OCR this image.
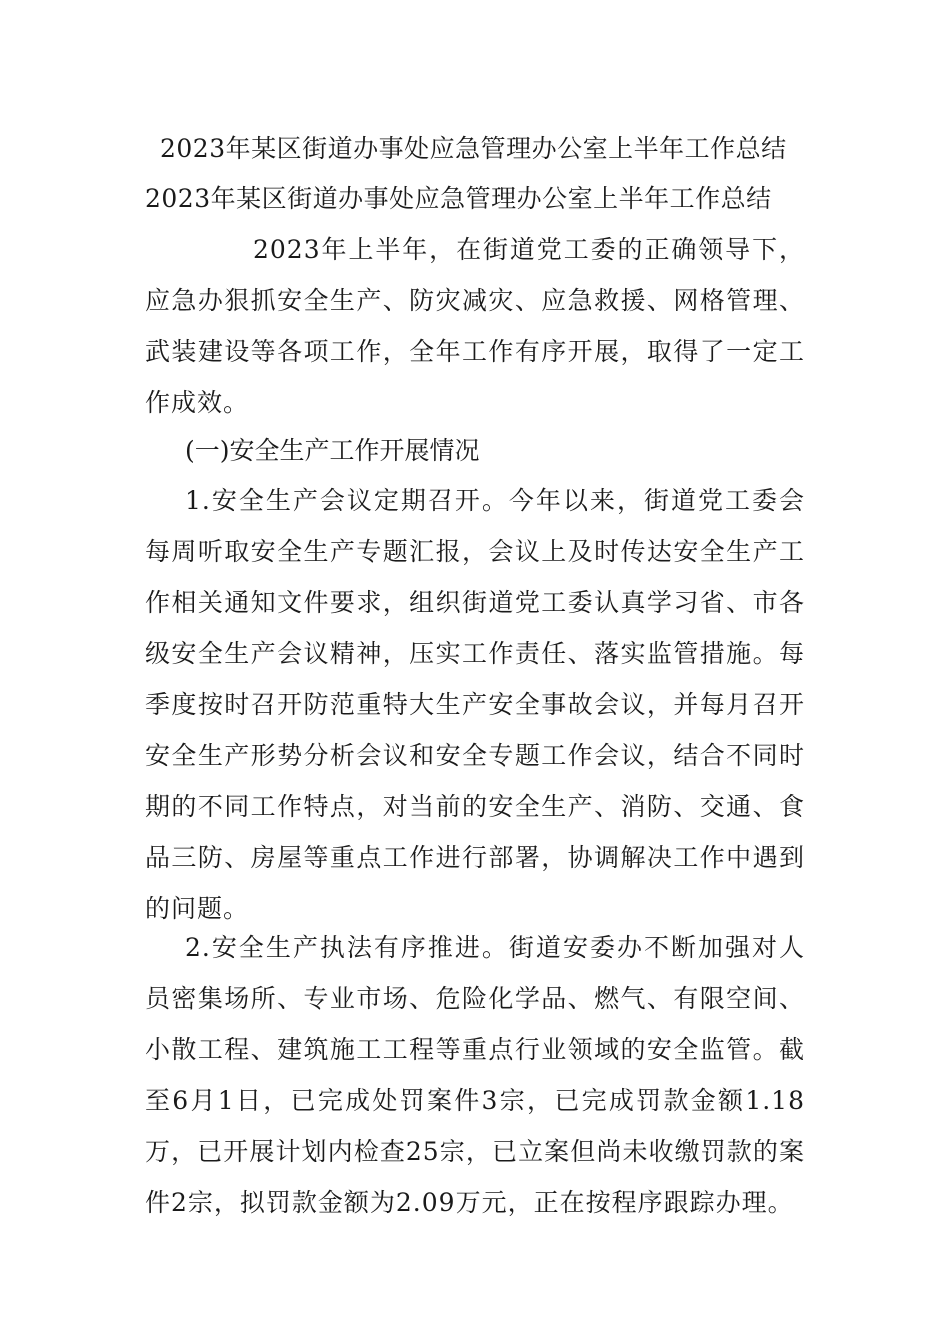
2023年某区街道办事处应急管理办公室上半年工作总结
2023年某区街道办事处应急管理办公室上半年工作总结
2023年上半年，在街道党工委的正确领导下，应急办狠抓安全生产、防灾减灾、应急救援、网格管理、武装建设等各项工作，全年工作有序开展，取得了一定工作成效。
(一)安全生产工作开展情况
1.安全生产会议定期召开。今年以来，街道党工委会每周听取安全生产专题汇报，会议上及时传达安全生产工作相关通知文件要求，组织街道党工委认真学习省、市各级安全生产会议精神，压实工作责任、落实监管措施。每季度按时召开防范重特大生产安全事故会议，并每月召开安全生产形势分析会议和安全专题工作会议，结合不同时期的不同工作特点，对当前的安全生产、消防、交通、食品三防、房屋等重点工作进行部署，协调解决工作中遇到的问题。
2.安全生产执法有序推进。街道安委办不断加强对人员密集场所、专业市场、危险化学品、燃气、有限空间、小散工程、建筑施工工程等重点行业领域的安全监管。截至6月1日，已完成处罚案件3宗，已完成罚款金额1.18万，已开展计划内检查25宗，已立案但尚未收缴罚款的案件2宗，拟罚款金额为2.09万元，正在按程序跟踪办理。
